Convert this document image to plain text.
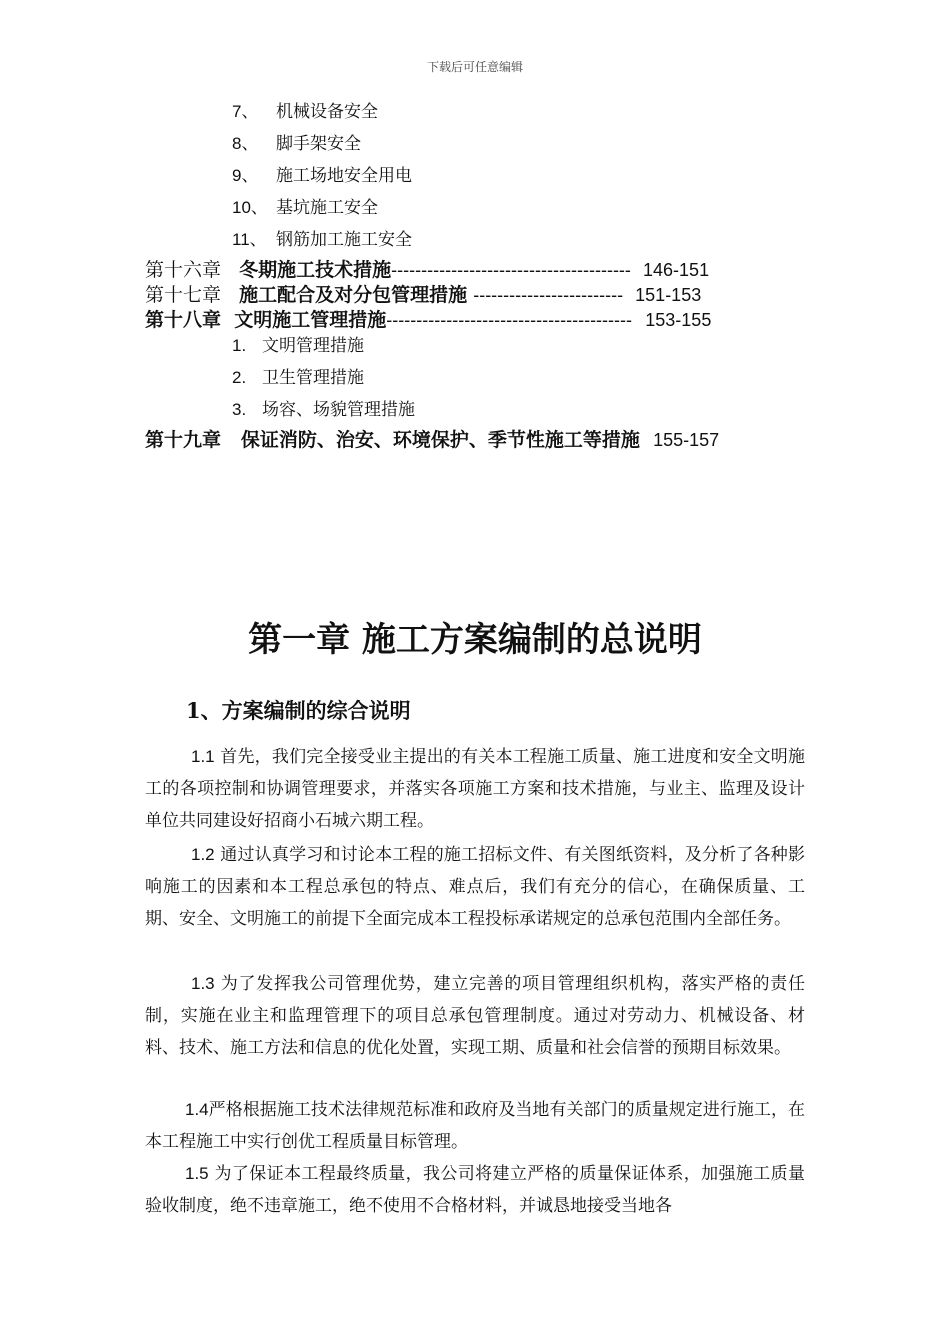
下载后可任意编辑
7、 机械设备安全
8、 脚手架安全
9、 施工场地安全用电
10、 基坑施工安全
11、 钢筋加工施工安全
第十六章 冬期施工技术措施---------------------------------------- 146-151
第十七章 施工配合及对分包管理措施 ------------------------- 151-153
第十八章 文明施工管理措施----------------------------------------- 153-155
1. 文明管理措施
2. 卫生管理措施
3. 场容、场貌管理措施
第十九章 保证消防、治安、环境保护、季节性施工等措施 155-157
第一章 施工方案编制的总说明
1、方案编制的综合说明

1.1 首先，我们完全接受业主提出的有关本工程施工质量、施工进度和安全文明施工的各项控制和协调管理要求，并落实各项施工方案和技术措施，与业主、监理及设计单位共同建设好招商小石城六期工程。

1.2 通过认真学习和讨论本工程的施工招标文件、有关图纸资料，及分析了各种影响施工的因素和本工程总承包的特点、难点后，我们有充分的信心，在确保质量、工期、安全、文明施工的前提下全面完成本工程投标承诺规定的总承包范围内全部任务。

1.3 为了发挥我公司管理优势，建立完善的项目管理组织机构，落实严格的责任制，实施在业主和监理管理下的项目总承包管理制度。通过对劳动力、机械设备、材料、技术、施工方法和信息的优化处置，实现工期、质量和社会信誉的预期目标效果。

1.4严格根据施工技术法律规范标准和政府及当地有关部门的质量规定进行施工，在本工程施工中实行创优工程质量目标管理。

1.5 为了保证本工程最终质量，我公司将建立严格的质量保证体系，加强施工质量验收制度，绝不违章施工，绝不使用不合格材料，并诚恳地接受当地各
